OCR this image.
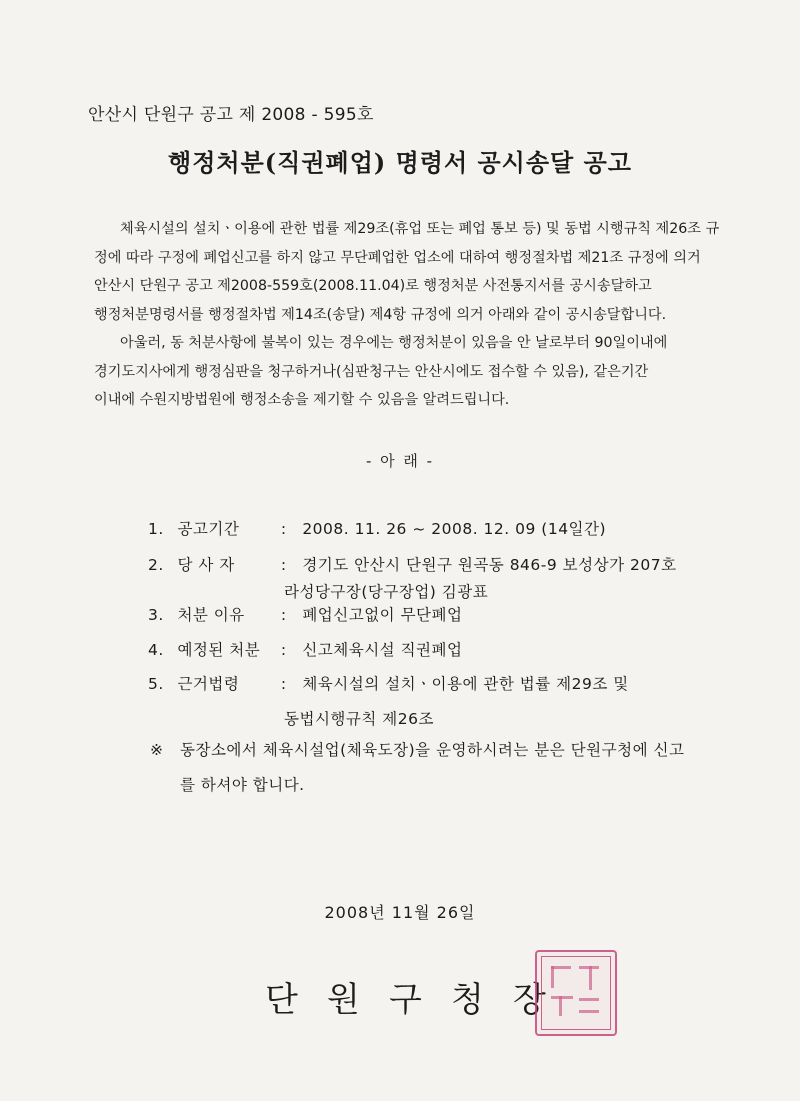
안산시 단원구 공고 제 2008 - 595호
행정처분(직권폐업) 명령서 공시송달 공고
체육시설의 설치ㆍ이용에 관한 법률 제29조(휴업 또는 폐업 통보 등) 및 동법 시행규칙 제26조 규
정에 따라 구정에 폐업신고를 하지 않고 무단폐업한 업소에 대하여 행정절차법 제21조 규정에 의거
안산시 단원구 공고 제2008-559호(2008.11.04)로 행정처분 사전통지서를 공시송달하고
행정처분명령서를 행정절차법 제14조(송달) 제4항 규정에 의거 아래와 같이 공시송달합니다.
아울러, 동 처분사항에 불복이 있는 경우에는 행정처분이 있음을 안 날로부터 90일이내에
경기도지사에게 행정심판을 청구하거나(심판청구는 안산시에도 접수할 수 있음), 같은기간
이내에 수원지방법원에 행정소송을 제기할 수 있음을 알려드립니다.
- 아 래 -
1. 공고기간	: 2008. 11. 26 ~ 2008. 12. 09 (14일간)
2. 당 사 자	: 경기도 안산시 단원구 원곡동 846-9 보성상가 207호
라성당구장(당구장업) 김광표
3. 처분 이유 : 폐업신고없이 무단폐업
4. 예정된 처분 : 신고체육시설 직권폐업
5. 근거법령	: 체육시설의 설치ㆍ이용에 관한 법률 제29조 및
동법시행규칙 제26조
※ 동장소에서 체육시설업(체육도장)을 운영하시려는 분은 단원구청에 신고
를 하셔야 합니다.
2008년 11월 26일
단 원 구 청 장
